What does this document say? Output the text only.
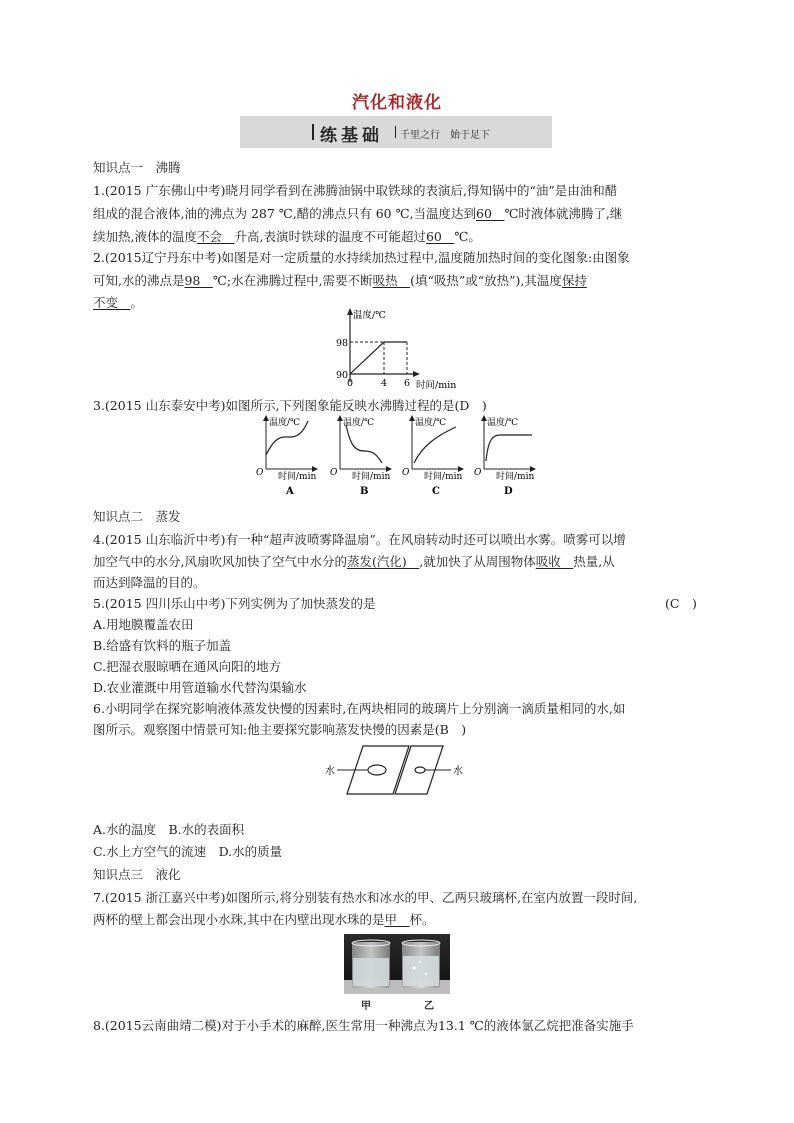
汽化和液化
练基础 千里之行　始于足下
知识点一　沸腾
1.(2015 广东佛山中考)晓月同学看到在沸腾油锅中取铁球的表演后,得知锅中的“油”是由油和醋
组成的混合液体,油的沸点为 287 ℃,醋的沸点只有 60 ℃,当温度达到60　℃时液体就沸腾了,继
续加热,液体的温度不会　升高,表演时铁球的温度不可能超过60　℃。
2.(2015辽宁丹东中考)如图是对一定质量的水持续加热过程中,温度随加热时间的变化图象:由图象
可知,水的沸点是98　℃;水在沸腾过程中,需要不断吸热　(填“吸热”或“放热”),其温度保持
不变　。
温度/℃
98
90
0	4 6 时间/min
3.(2015 山东泰安中考)如图所示,下列图象能反映水沸腾过程的是(D　)
温度/℃
O 时间/min
A
温度/℃
O 时间/min
B
温度/℃
O 时间/min
C
温度/℃
O 时间/min
D
知识点二　蒸发
4.(2015 山东临沂中考)有一种“超声波喷雾降温扇”。在风扇转动时还可以喷出水雾。喷雾可以增
加空气中的水分,风扇吹风加快了空气中水分的蒸发(汽化)　,就加快了从周围物体吸收　热量,从
而达到降温的目的。
5.(2015 四川乐山中考)下列实例为了加快蒸发的是	(C　)
A.用地膜覆盖农田
B.给盛有饮料的瓶子加盖
C.把湿衣服晾晒在通风向阳的地方
D.农业灌溉中用管道输水代替沟渠输水
6.小明同学在探究影响液体蒸发快慢的因素时,在两块相同的玻璃片上分别滴一滴质量相同的水,如
图所示。观察图中情景可知:他主要探究影响蒸发快慢的因素是(B　)
水	水
A.水的温度　B.水的表面积
C.水上方空气的流速　D.水的质量
知识点三　液化
7.(2015 浙江嘉兴中考)如图所示,将分别装有热水和冰水的甲、乙两只玻璃杯,在室内放置一段时间,
两杯的壁上都会出现小水珠,其中在内壁出现水珠的是甲　杯。
甲	乙
8.(2015云南曲靖二模)对于小手术的麻醉,医生常用一种沸点为13.1 ℃的液体氯乙烷把准备实施手
